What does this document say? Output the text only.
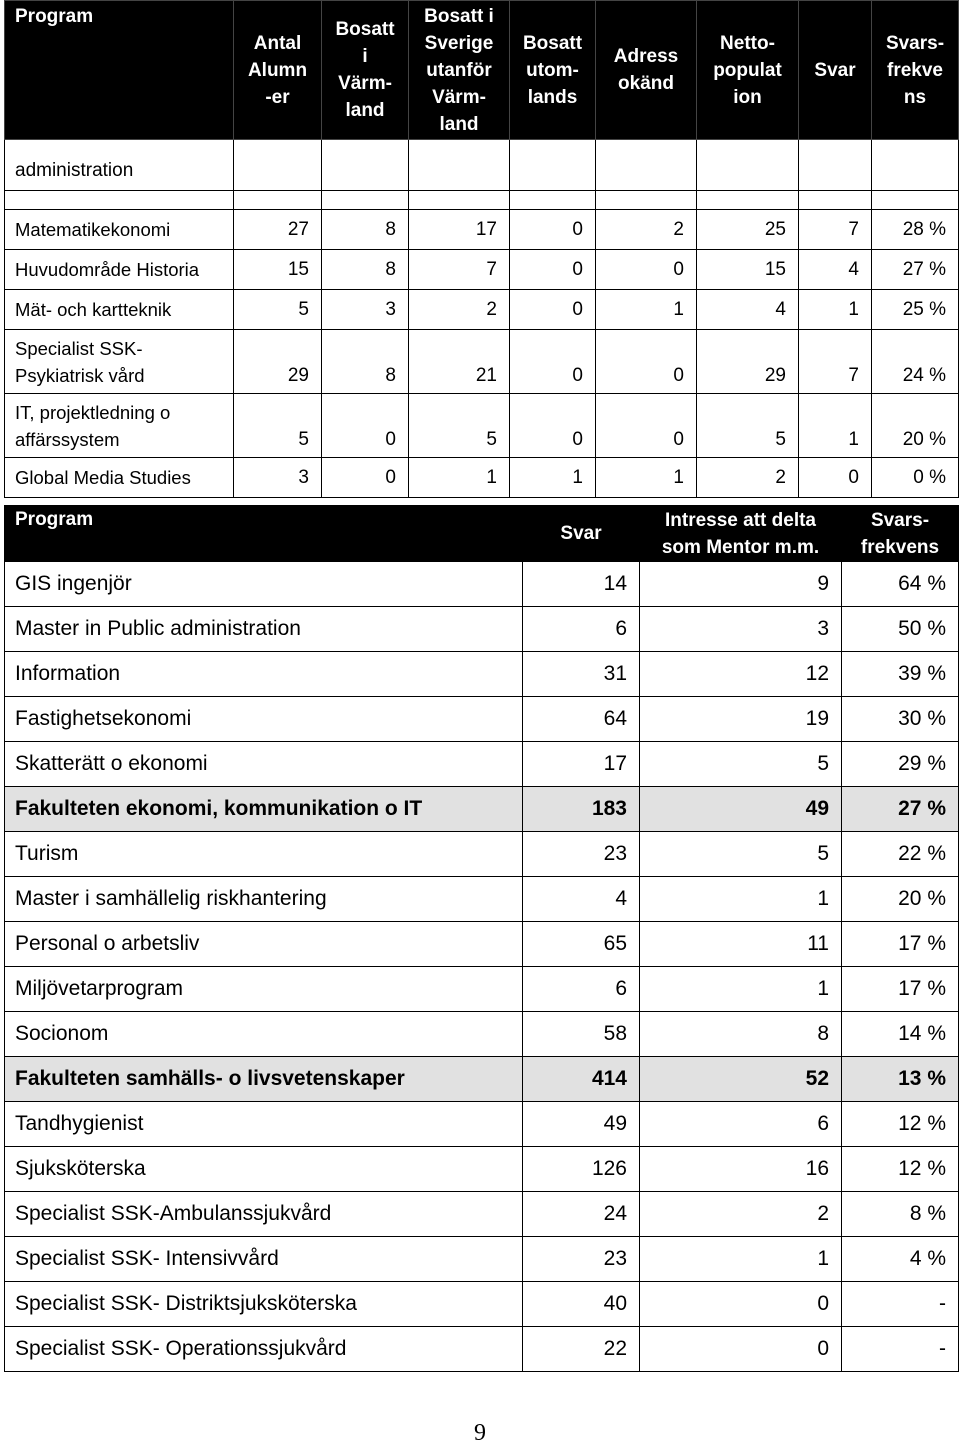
Program	Antal
Alumn
-er	Bosatt
i
Värm-
land	Bosatt i
Sverige
utanför
Värm-
land	Bosatt
utom-
lands	Adress
okänd	Netto-
populat
ion	Svar	Svars-
frekve
ns
administration								

Matematikekonomi	27	8	17	0	2	25	7	28 %
Huvudområde Historia	15	8	7	0	0	15	4	27 %
Mät- och kartteknik	5	3	2	0	1	4	1	25 %
Specialist SSK-
Psykiatrisk vård	29	8	21	0	0	29	7	24 %
IT, projektledning o
affärssystem	5	0	5	0	0	5	1	20 %
Global Media Studies	3	0	1	1	1	2	0	0 %
Program	Svar	Intresse att delta
som Mentor m.m.	Svars-
frekvens
GIS ingenjör	14	9	64 %
Master in Public administration	6	3	50 %
Information	31	12	39 %
Fastighetsekonomi	64	19	30 %
Skatterätt o ekonomi	17	5	29 %
Fakulteten ekonomi, kommunikation o IT	183	49	27 %
Turism	23	5	22 %
Master i samhällelig riskhantering	4	1	20 %
Personal o arbetsliv	65	11	17 %
Miljövetarprogram	6	1	17 %
Socionom	58	8	14 %
Fakulteten samhälls- o livsvetenskaper	414	52	13 %
Tandhygienist	49	6	12 %
Sjuksköterska	126	16	12 %
Specialist SSK-Ambulanssjukvård	24	2	8 %
Specialist SSK- Intensivvård	23	1	4 %
Specialist SSK- Distriktsjuksköterska	40	0	-
Specialist SSK- Operationssjukvård	22	0	-
9
